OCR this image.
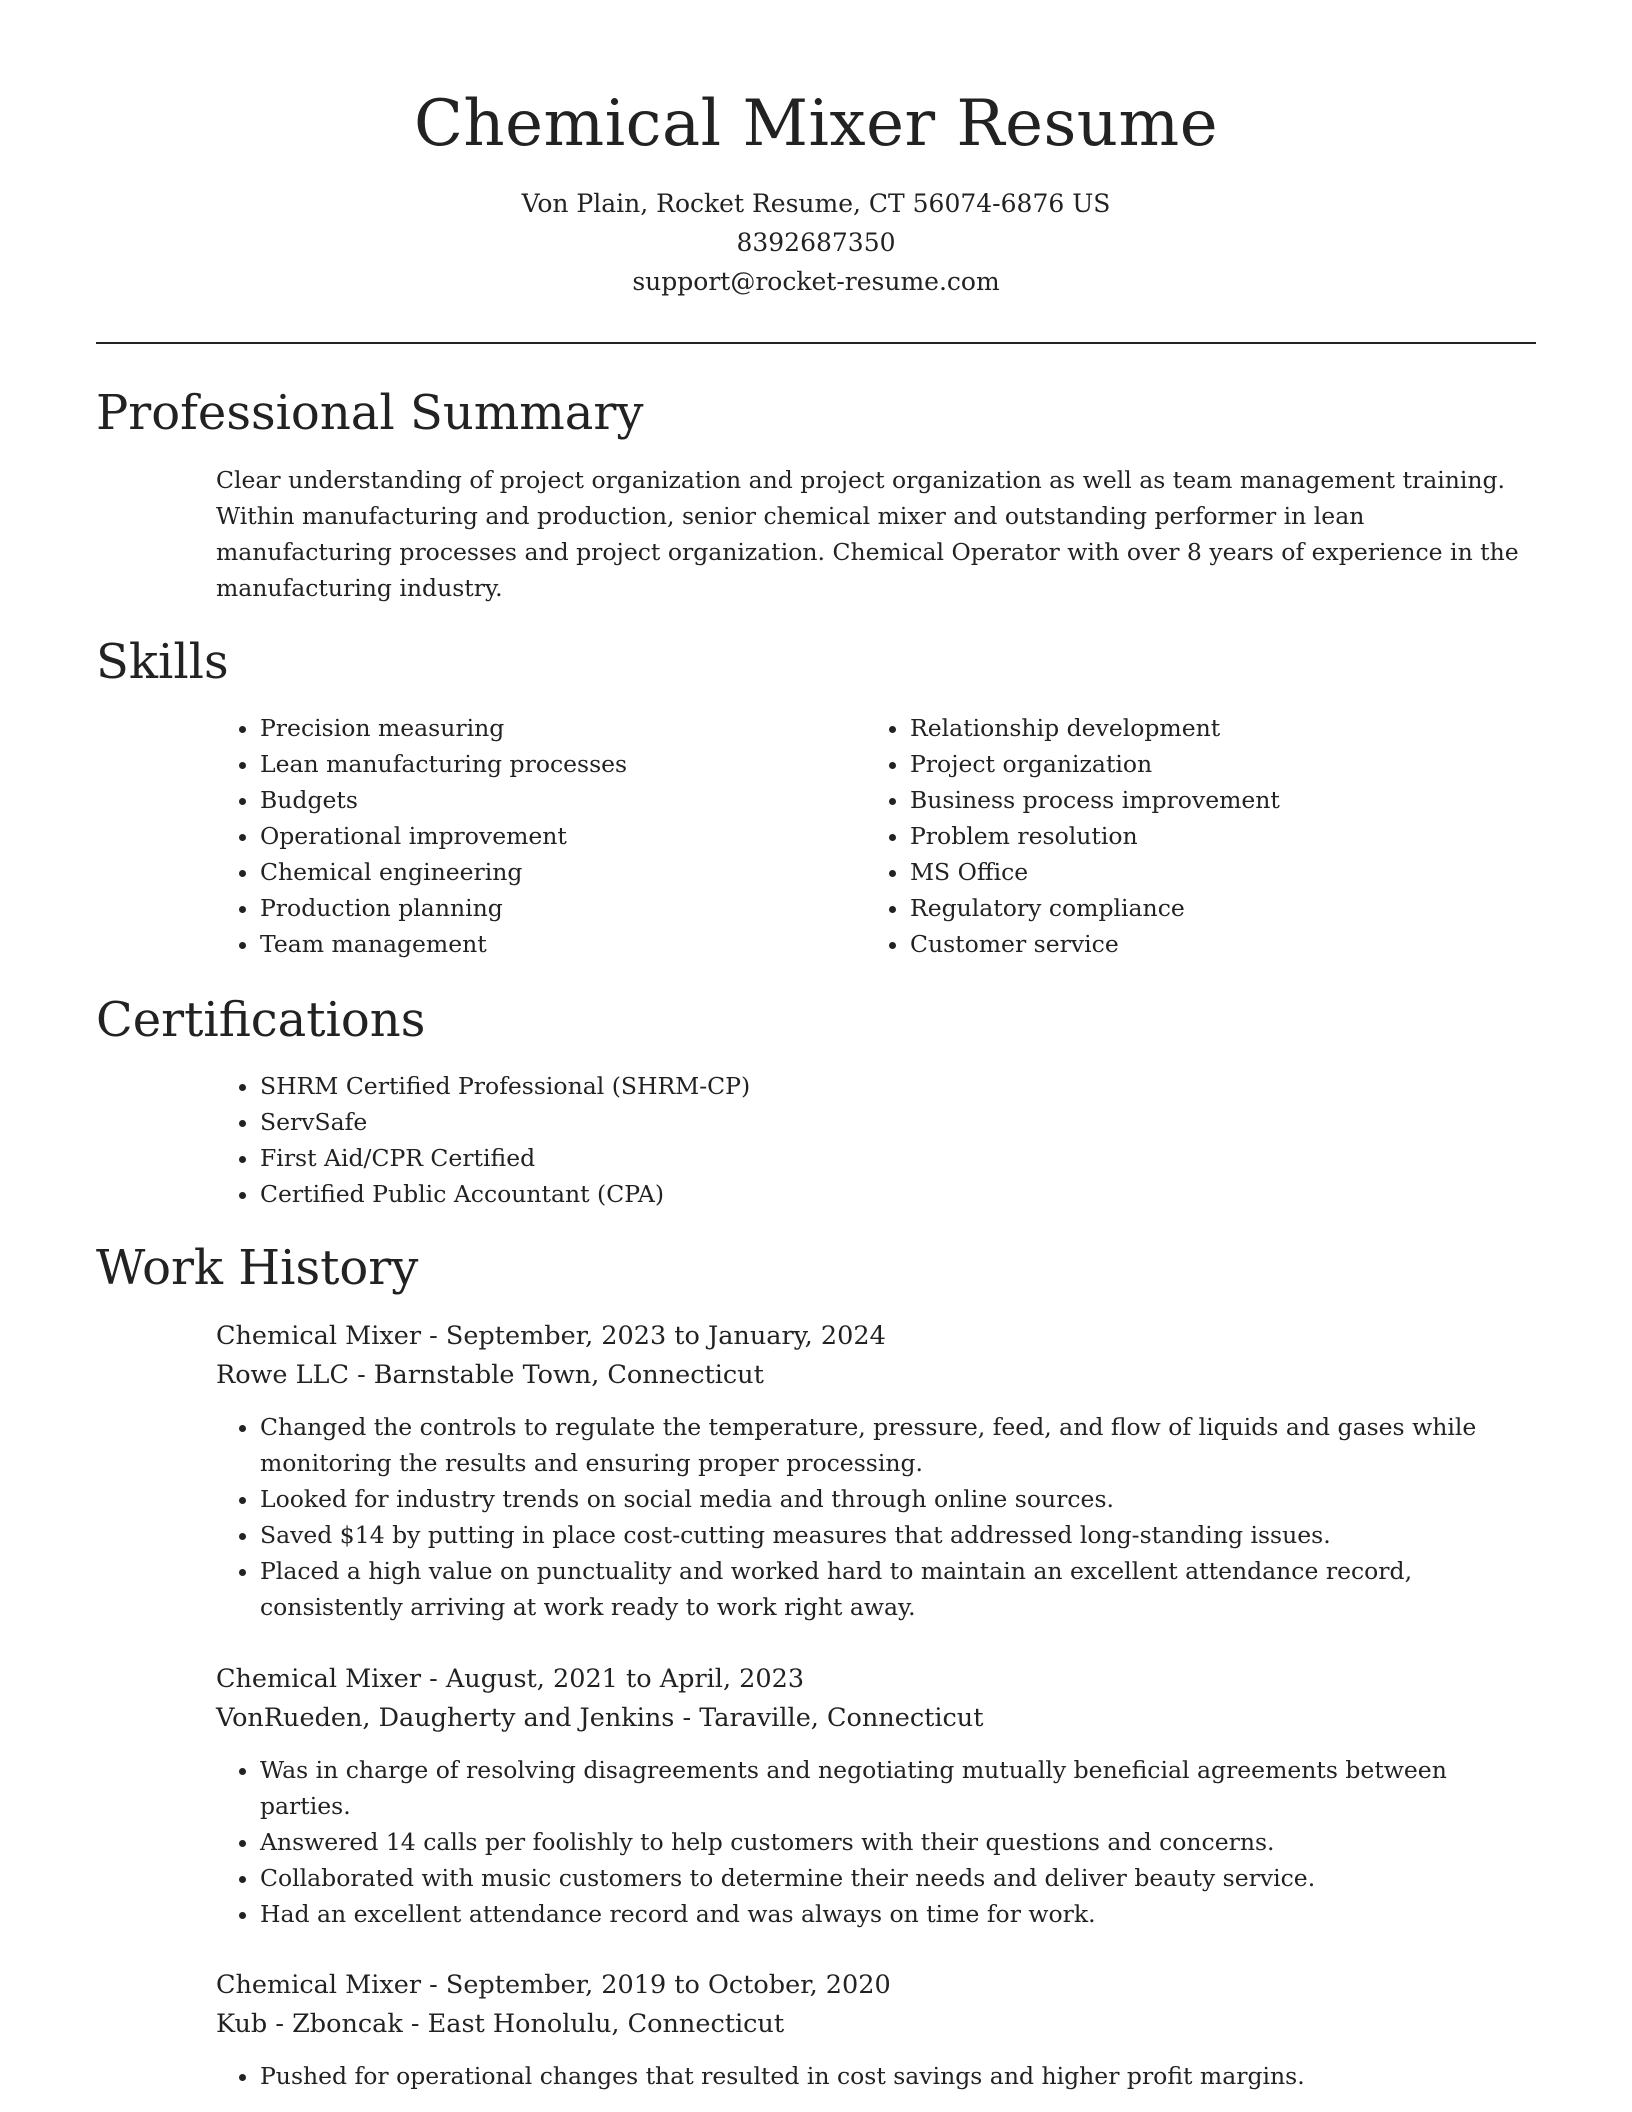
Chemical Mixer Resume

Von Plain, Rocket Resume, CT 56074-6876 US

8392687350

support@rocket-resume.com

Professional Summary

Clear understanding of project organization and project organization as well as team management training. Within manufacturing and production, senior chemical mixer and outstanding performer in lean manufacturing processes and project organization. Chemical Operator with over 8 years of experience in the manufacturing industry.

Skills
• Precision measuring
• Lean manufacturing processes
• Budgets
• Operational improvement
• Chemical engineering
• Production planning
• Team management
• Relationship development
• Project organization
• Business process improvement
• Problem resolution
• MS Office
• Regulatory compliance
• Customer service
Certifications
• SHRM Certified Professional (SHRM-CP)
• ServSafe
• First Aid/CPR Certified
• Certified Public Accountant (CPA)
Work History

Chemical Mixer - September, 2023 to January, 2024

Rowe LLC - Barnstable Town, Connecticut

• Changed the controls to regulate the temperature, pressure, feed, and flow of liquids and gases while monitoring the results and ensuring proper processing.
• Looked for industry trends on social media and through online sources.
• Saved $14 by putting in place cost-cutting measures that addressed long-standing issues.
• Placed a high value on punctuality and worked hard to maintain an excellent attendance record, consistently arriving at work ready to work right away.

Chemical Mixer - August, 2021 to April, 2023

VonRueden, Daugherty and Jenkins - Taraville, Connecticut

• Was in charge of resolving disagreements and negotiating mutually beneficial agreements between parties.
• Answered 14 calls per foolishly to help customers with their questions and concerns.
• Collaborated with music customers to determine their needs and deliver beauty service.
• Had an excellent attendance record and was always on time for work.

Chemical Mixer - September, 2019 to October, 2020

Kub - Zboncak - East Honolulu, Connecticut

• Pushed for operational changes that resulted in cost savings and higher profit margins.
